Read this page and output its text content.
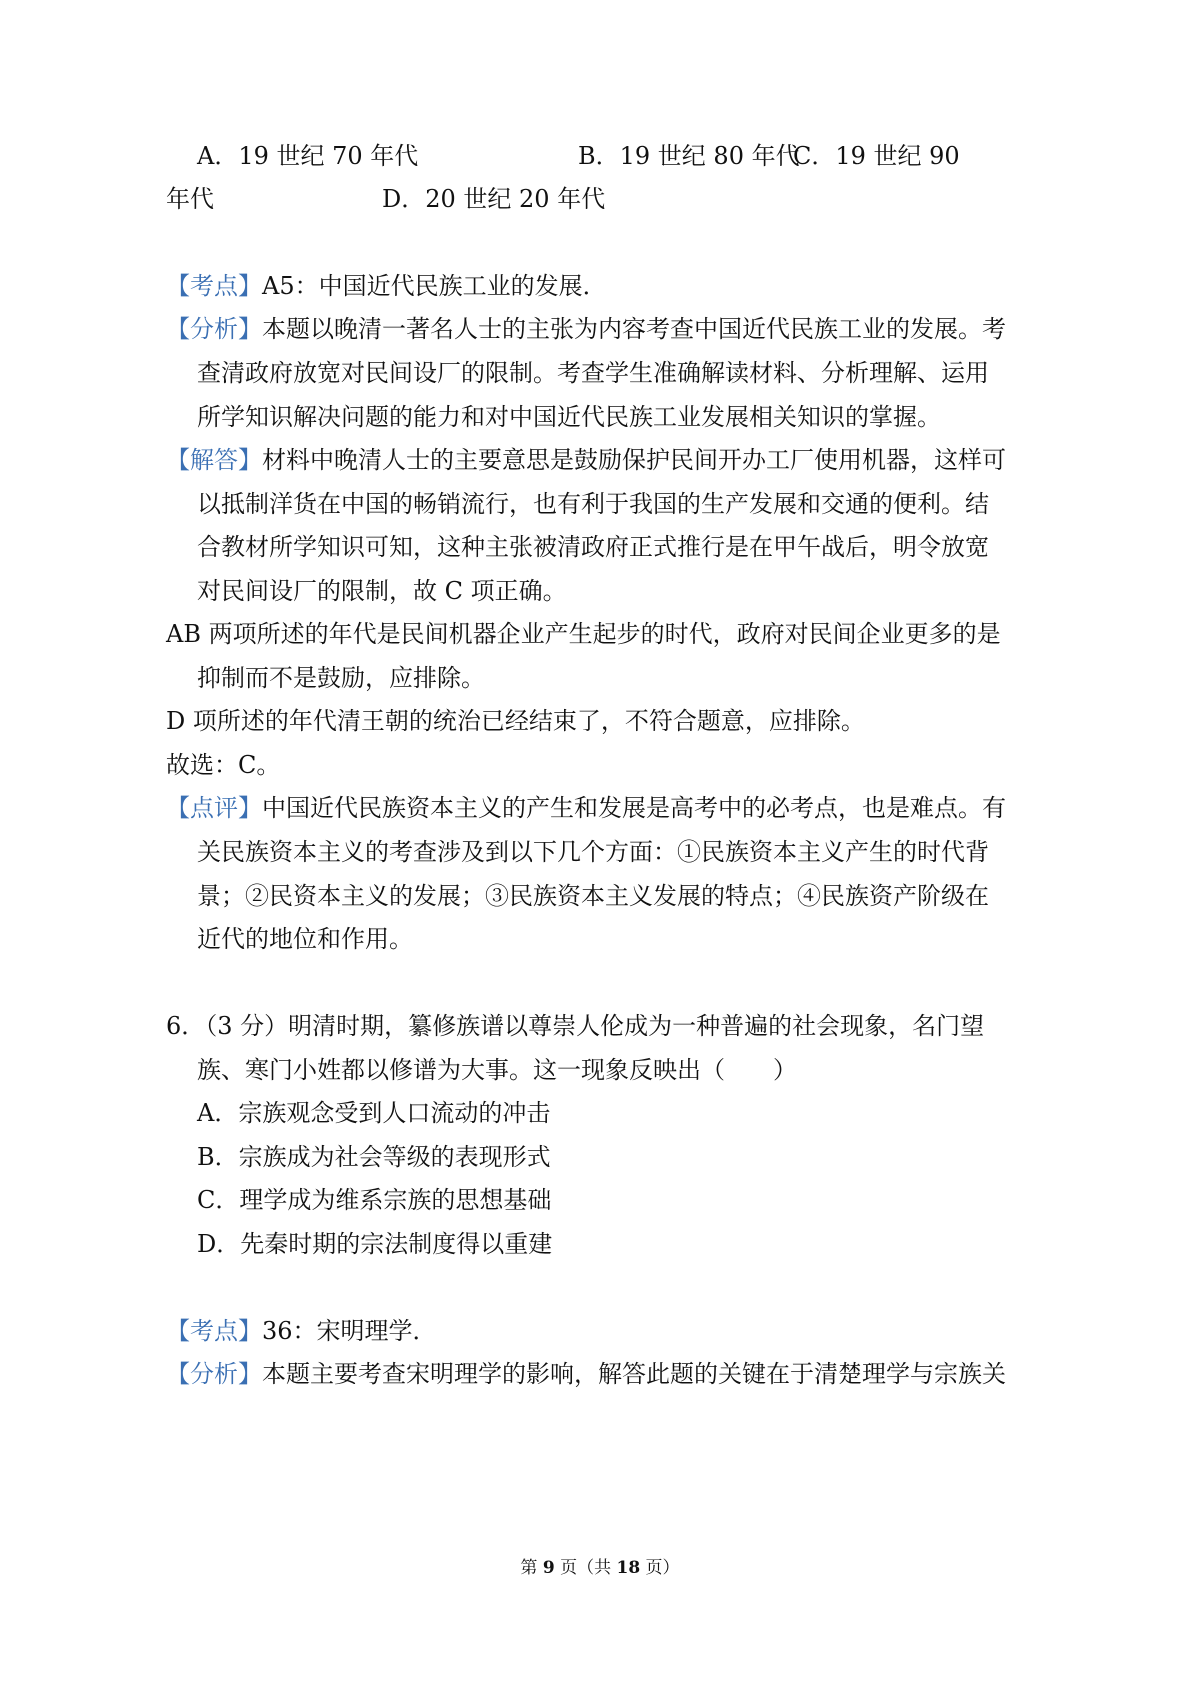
A．19 世纪 70 年代	B．19 世纪 80 年代
C．19 世纪 90
年代	D．20 世纪 20 年代
【考点】A5：中国近代民族工业的发展．
【分析】本题以晚清一著名人士的主张为内容考查中国近代民族工业的发展。考
查清政府放宽对民间设厂的限制。考查学生准确解读材料、分析理解、运用
所学知识解决问题的能力和对中国近代民族工业发展相关知识的掌握。
【解答】材料中晚清人士的主要意思是鼓励保护民间开办工厂使用机器，这样可
以抵制洋货在中国的畅销流行，也有利于我国的生产发展和交通的便利。结
合教材所学知识可知，这种主张被清政府正式推行是在甲午战后，明令放宽
对民间设厂的限制，故 C 项正确。
AB 两项所述的年代是民间机器企业产生起步的时代，政府对民间企业更多的是
抑制而不是鼓励，应排除。
D 项所述的年代清王朝的统治已经结束了，不符合题意，应排除。
故选：C。
【点评】中国近代民族资本主义的产生和发展是高考中的必考点，也是难点。有
关民族资本主义的考查涉及到以下几个方面：①民族资本主义产生的时代背
景；②民资本主义的发展；③民族资本主义发展的特点；④民族资产阶级在
近代的地位和作用。
6．（3 分）明清时期，纂修族谱以尊崇人伦成为一种普遍的社会现象，名门望
族、寒门小姓都以修谱为大事。这一现象反映出（　　）
A．宗族观念受到人口流动的冲击
B．宗族成为社会等级的表现形式
C．理学成为维系宗族的思想基础
D．先秦时期的宗法制度得以重建
【考点】36：宋明理学．
【分析】本题主要考查宋明理学的影响，解答此题的关键在于清楚理学与宗族关
第 9 页（共 18 页）
